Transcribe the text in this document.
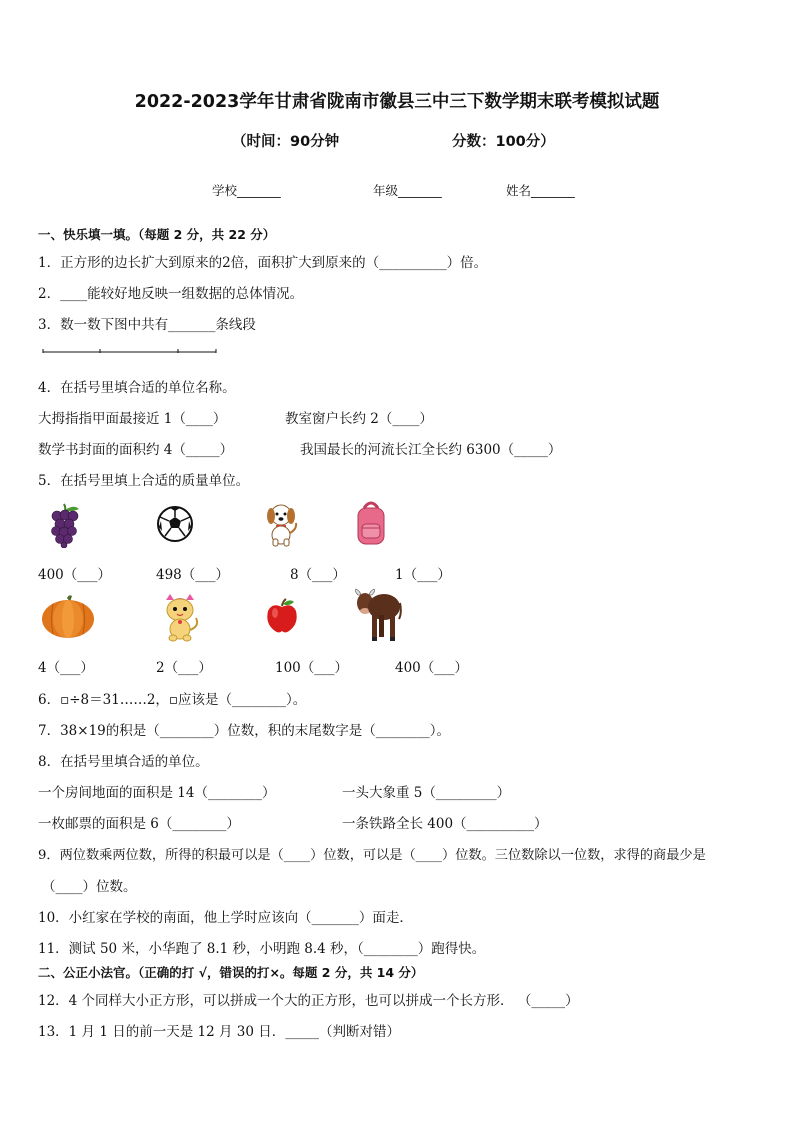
2022-2023学年甘肃省陇南市徽县三中三下数学期末联考模拟试题
（时间：90分钟	分数：100分）
学校_______	年级_______	姓名_______
一、快乐填一填。（每题 2 分，共 22 分）
1．正方形的边长扩大到原来的2倍，面积扩大到原来的（__________）倍。
2．____能较好地反映一组数据的总体情况。
3．数一数下图中共有_______条线段
4．在括号里填合适的单位名称。
大拇指指甲面最接近 1（____）	教室窗户长约 2（____）
数学书封面的面积约 4（_____）	我国最长的河流长江全长约 6300（_____）
5．在括号里填上合适的质量单位。
400（___）	498（___）	8（___）	1（___）
4（___）	2（___）	100（___）	400（___）
6．▫÷8＝31……2，▫应该是（________）。
7．38×19的积是（________）位数，积的末尾数字是（________）。
8．在括号里填合适的单位。
一个房间地面的面积是 14（________）	一头大象重 5（_________）
一枚邮票的面积是 6（________）	一条铁路全长 400（__________）
9．两位数乘两位数，所得的积最可以是（____）位数，可以是（____）位数。三位数除以一位数，求得的商最少是
（____）位数。
10．小红家在学校的南面，他上学时应该向（_______）面走．
11．测试 50 米，小华跑了 8.1 秒，小明跑 8.4 秒，（________）跑得快。
二、公正小法官。（正确的打 √，错误的打×。每题 2 分，共 14 分）
12．4 个同样大小正方形，可以拼成一个大的正方形，也可以拼成一个长方形． （_____）
13．1 月 1 日的前一天是 12 月 30 日．_____（判断对错）
